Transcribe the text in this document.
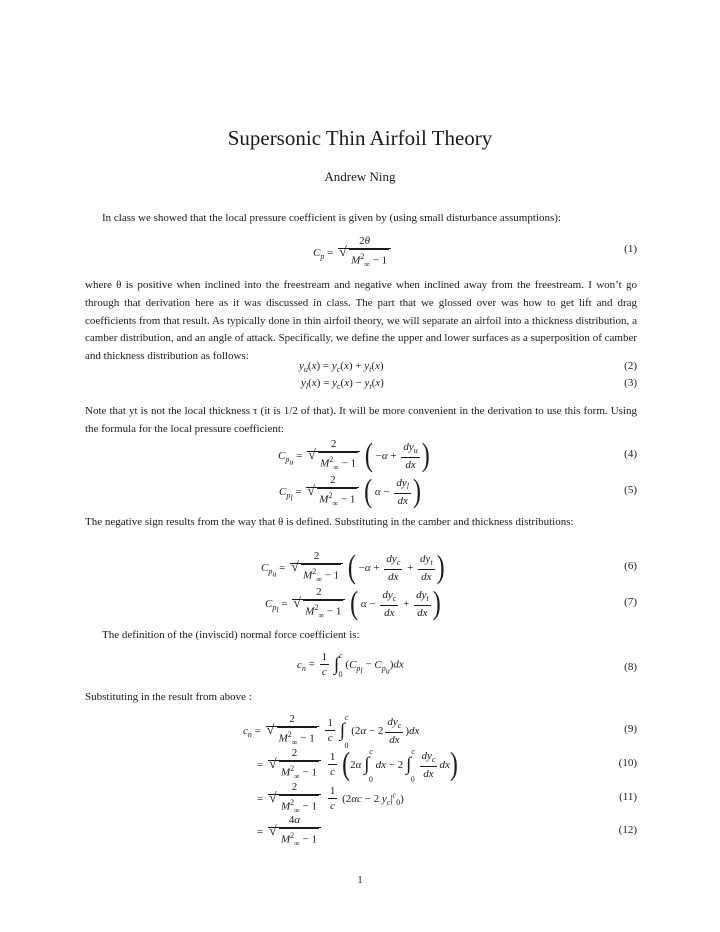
Supersonic Thin Airfoil Theory
Andrew Ning
In class we showed that the local pressure coefficient is given by (using small disturbance assumptions):
$C_p = 2\theta$
√ $M^2_\infty - 1$	(1)
where θ is positive when inclined into the freestream and negative when inclined away from the freestream. I won’t go through that derivation here as it was discussed in class. The part that we glossed over was how to get lift and drag coefficients from that result. As typically done in thin airfoil theory, we will separate an airfoil into a thickness distribution, a camber distribution, and an angle of attack. Specifically, we define the upper and lower surfaces as a superposition of camber and thickness distribution as follows:
$y_u(x) = y_c(x) + y_t(x)$	(2)
$y_l(x) = y_c(x) - y_t(x)$	(3)
Note that yt is not the local thickness τ (it is 1/2 of that). It will be more convenient in the derivation to use this form. Using the formula for the local pressure coefficient:
$C_{p_u} = 2$
√ $M^2_\infty - 1$ ( $-\alpha + \frac{dy_u}{dx}$ )	(4)
$C_{p_l} = 2$
√ $M^2_\infty - 1$ ( $\alpha - \frac{dy_l}{dx}$ )	(5)
The negative sign results from the way that θ is defined. Substituting in the camber and thickness distributions:
$C_{p_u} = 2$
√ $M^2_\infty - 1$ ( $-\alpha + \frac{dy_c}{dx} + \frac{dy_t}{dx}$ )	(6)
$C_{p_l} = 2$
√ $M^2_\infty - 1$ ( $\alpha - \frac{dy_c}{dx} + \frac{dy_t}{dx}$ )	(7)
The definition of the (inviscid) normal force coefficient is:
$c_n = \frac{1}{c} \int^c0$ $(C_{p_l} - C_{p_u})dx$	(8)
Substituting in the result from above :
$c_n = 2$
√ $M^2_\infty - 1$
$\frac{1}{c} \int^c0$ $(2\alpha - 2 \frac{dy_c}{dx} )dx$	(9)
= 2
√ $M^2_\infty - 1$
$\frac{1}{c} (2\alpha$ ∫$^c$0 dx − 2 $\int^c0 \frac{dy_c}{dx} dx$)	(10)
= 2
√ $M^2_\infty - 1$
$\frac{1}{c} (2\alpha c - 2$ $y_c|^c_0$)	(11)
= 4α
√ $M^2_\infty - 1$	(12)
1
